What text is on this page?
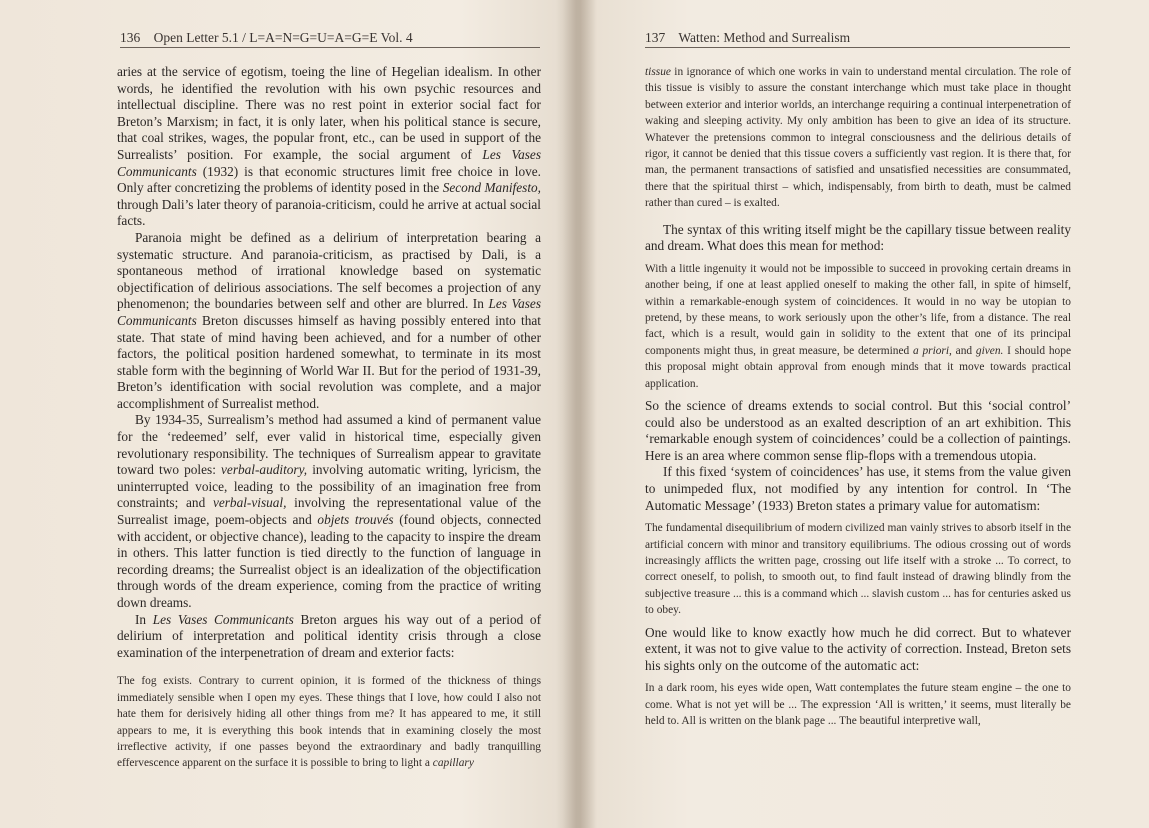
136 Open Letter 5.1 / L=A=N=G=U=A=G=E Vol. 4

aries at the service of egotism, toeing the line of Hegelian idealism. In other words, he identified the revolution with his own psychic resources and intellectual discipline. There was no rest point in exterior social fact for Breton’s Marxism; in fact, it is only later, when his political stance is secure, that coal strikes, wages, the popular front, etc., can be used in support of the Surrealists’ position. For example, the social argument of Les Vases Communicants (1932) is that economic structures limit free choice in love. Only after concretizing the problems of identity posed in the Second Manifesto, through Dali’s later theory of paranoia-criticism, could he arrive at actual social facts.

Paranoia might be defined as a delirium of interpretation bearing a systematic structure. And paranoia-criticism, as practised by Dali, is a spontaneous method of irrational knowledge based on systematic objectification of delirious associations. The self becomes a projection of any phenomenon; the boundaries between self and other are blurred. In Les Vases Communicants Breton discusses himself as having possibly entered into that state. That state of mind having been achieved, and for a number of other factors, the political position hardened somewhat, to terminate in its most stable form with the beginning of World War II. But for the period of 1931-39, Breton’s identification with social revolution was complete, and a major accomplishment of Surrealist method.

By 1934-35, Surrealism’s method had assumed a kind of permanent value for the ‘redeemed’ self, ever valid in historical time, especially given revolutionary responsibility. The techniques of Surrealism appear to gravitate toward two poles: verbal-auditory, involving automatic writing, lyricism, the uninterrupted voice, leading to the possibility of an imagination free from constraints; and verbal-visual, involving the representational value of the Surrealist image, poem-objects and objets trouvés (found objects, connected with accident, or objective chance), leading to the capacity to inspire the dream in others. This latter function is tied directly to the function of language in recording dreams; the Surrealist object is an idealization of the objectification through words of the dream experience, coming from the practice of writing down dreams.

In Les Vases Communicants Breton argues his way out of a period of delirium of interpretation and political identity crisis through a close examination of the interpenetration of dream and exterior facts:

The fog exists. Contrary to current opinion, it is formed of the thickness of things immediately sensible when I open my eyes. These things that I love, how could I also not hate them for derisively hiding all other things from me? It has appeared to me, it still appears to me, it is everything this book intends that in examining closely the most irreflective activity, if one passes beyond the extraordinary and badly tranquilling effervescence apparent on the surface it is possible to bring to light a capillary

137 Watten: Method and Surrealism

tissue in ignorance of which one works in vain to understand mental circulation. The role of this tissue is visibly to assure the constant interchange which must take place in thought between exterior and interior worlds, an interchange requiring a continual interpenetration of waking and sleeping activity. My only ambition has been to give an idea of its structure. Whatever the pretensions common to integral consciousness and the delirious details of rigor, it cannot be denied that this tissue covers a sufficiently vast region. It is there that, for man, the permanent transactions of satisfied and unsatisfied necessities are consummated, there that the spiritual thirst – which, indispensably, from birth to death, must be calmed rather than cured – is exalted.

The syntax of this writing itself might be the capillary tissue between reality and dream. What does this mean for method:

With a little ingenuity it would not be impossible to succeed in provoking certain dreams in another being, if one at least applied oneself to making the other fall, in spite of himself, within a remarkable-enough system of coincidences. It would in no way be utopian to pretend, by these means, to work seriously upon the other’s life, from a distance. The real fact, which is a result, would gain in solidity to the extent that one of its principal components might thus, in great measure, be determined a priori, and given. I should hope this proposal might obtain approval from enough minds that it move towards practical application.

So the science of dreams extends to social control. But this ‘social control’ could also be understood as an exalted description of an art exhibition. This ‘remarkable enough system of coincidences’ could be a collection of paintings. Here is an area where common sense flip-flops with a tremendous utopia.

If this fixed ‘system of coincidences’ has use, it stems from the value given to unimpeded flux, not modified by any intention for control. In ‘The Automatic Message’ (1933) Breton states a primary value for automatism:

The fundamental disequilibrium of modern civilized man vainly strives to absorb itself in the artificial concern with minor and transitory equilibriums. The odious crossing out of words increasingly afflicts the written page, crossing out life itself with a stroke ... To correct, to correct oneself, to polish, to smooth out, to find fault instead of drawing blindly from the subjective treasure ... this is a command which ... slavish custom ... has for centuries asked us to obey.

One would like to know exactly how much he did correct. But to whatever extent, it was not to give value to the activity of correction. Instead, Breton sets his sights only on the outcome of the automatic act:

In a dark room, his eyes wide open, Watt contemplates the future steam engine – the one to come. What is not yet will be ... The expression ‘All is written,’ it seems, must literally be held to. All is written on the blank page ... The beautiful interpretive wall,
